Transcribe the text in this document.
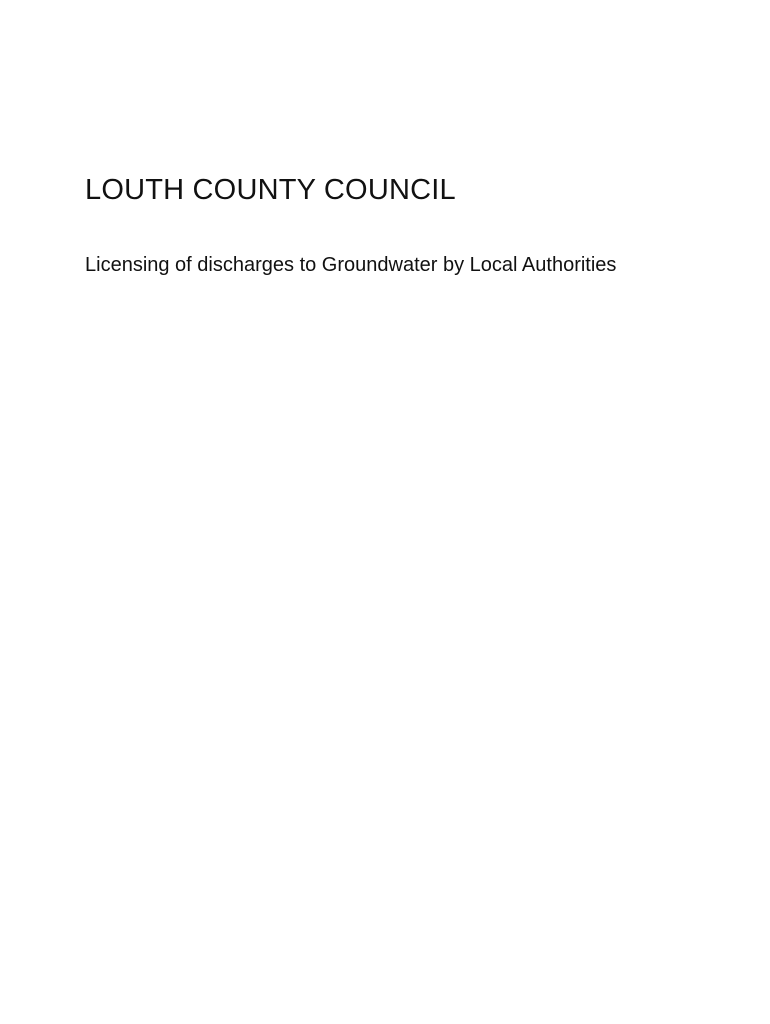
LOUTH COUNTY COUNCIL

Licensing of discharges to Groundwater by Local Authorities
